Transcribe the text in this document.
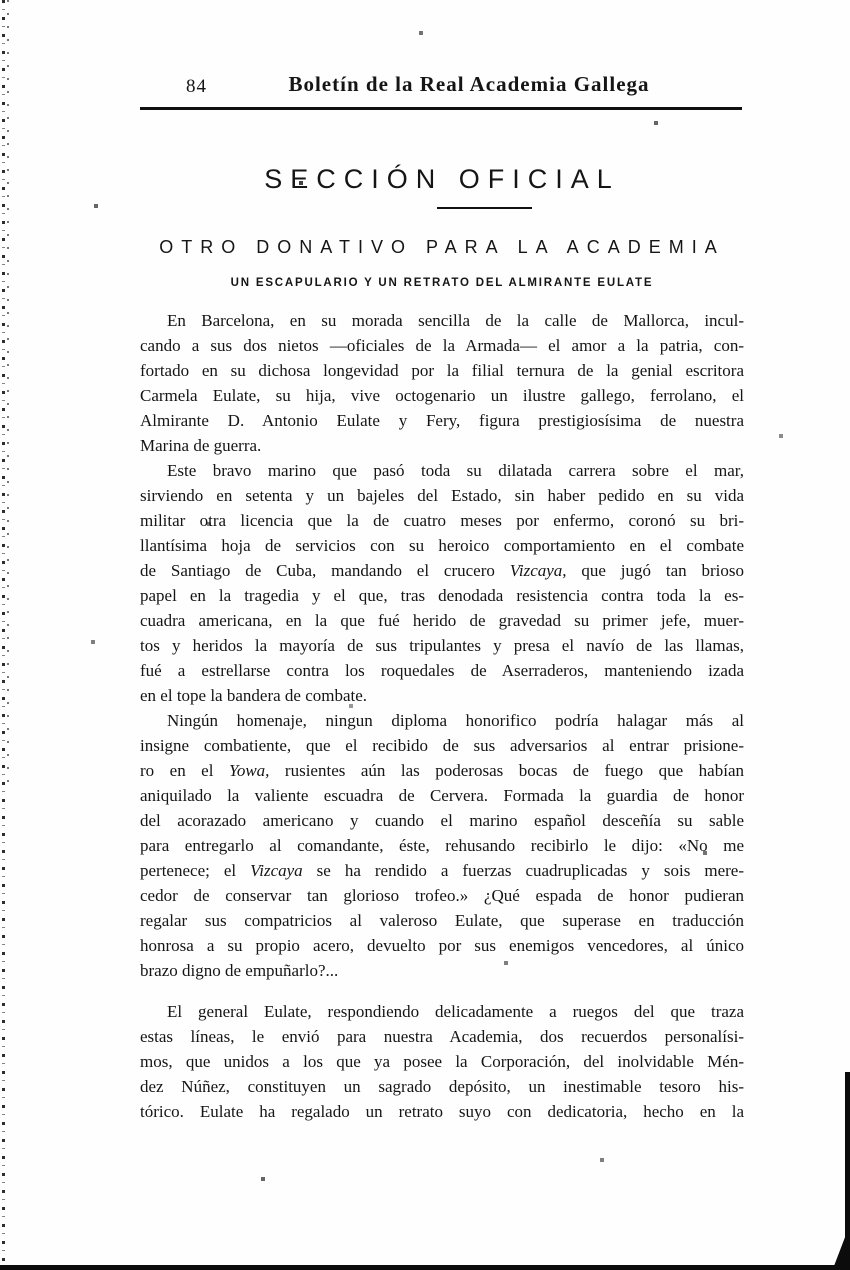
84	Boletín de la Real Academia Gallega
SECCIÓN OFICIAL
OTRO DONATIVO PARA LA ACADEMIA
UN ESCAPULARIO Y UN RETRATO DEL ALMIRANTE EULATE
En Barcelona, en su morada sencilla de la calle de Mallorca, incul-
cando a sus dos nietos —oficiales de la Armada— el amor a la patria, con-
fortado en su dichosa longevidad por la filial ternura de la genial escritora
Carmela Eulate, su hija, vive octogenario un ilustre gallego, ferrolano, el
Almirante D. Antonio Eulate y Fery, figura prestigiosísima de nuestra
Marina de guerra.
Este bravo marino que pasó toda su dilatada carrera sobre el mar,
sirviendo en setenta y un bajeles del Estado, sin haber pedido en su vida
militar otra licencia que la de cuatro meses por enfermo, coronó su bri-
llantísima hoja de servicios con su heroico comportamiento en el combate
de Santiago de Cuba, mandando el crucero Vizcaya, que jugó tan brioso
papel en la tragedia y el que, tras denodada resistencia contra toda la es-
cuadra americana, en la que fué herido de gravedad su primer jefe, muer-
tos y heridos la mayoría de sus tripulantes y presa el navío de las llamas,
fué a estrellarse contra los roquedales de Aserraderos, manteniendo izada
en el tope la bandera de combate.
Ningún homenaje, ningun diploma honorifico podría halagar más al
insigne combatiente, que el recibido de sus adversarios al entrar prisione-
ro en el Yowa, rusientes aún las poderosas bocas de fuego que habían
aniquilado la valiente escuadra de Cervera. Formada la guardia de honor
del acorazado americano y cuando el marino español desceñía su sable
para entregarlo al comandante, éste, rehusando recibirlo le dijo: «No me
pertenece; el Vizcaya se ha rendido a fuerzas cuadruplicadas y sois mere-
cedor de conservar tan glorioso trofeo.» ¿Qué espada de honor pudieran
regalar sus compatricios al valeroso Eulate, que superase en traducción
honrosa a su propio acero, devuelto por sus enemigos vencedores, al único
brazo digno de empuñarlo?...
El general Eulate, respondiendo delicadamente a ruegos del que traza
estas líneas, le envió para nuestra Academia, dos recuerdos personalísi-
mos, que unidos a los que ya posee la Corporación, del inolvidable Mén-
dez Núñez, constituyen un sagrado depósito, un inestimable tesoro his-
tórico. Eulate ha regalado un retrato suyo con dedicatoria, hecho en la
